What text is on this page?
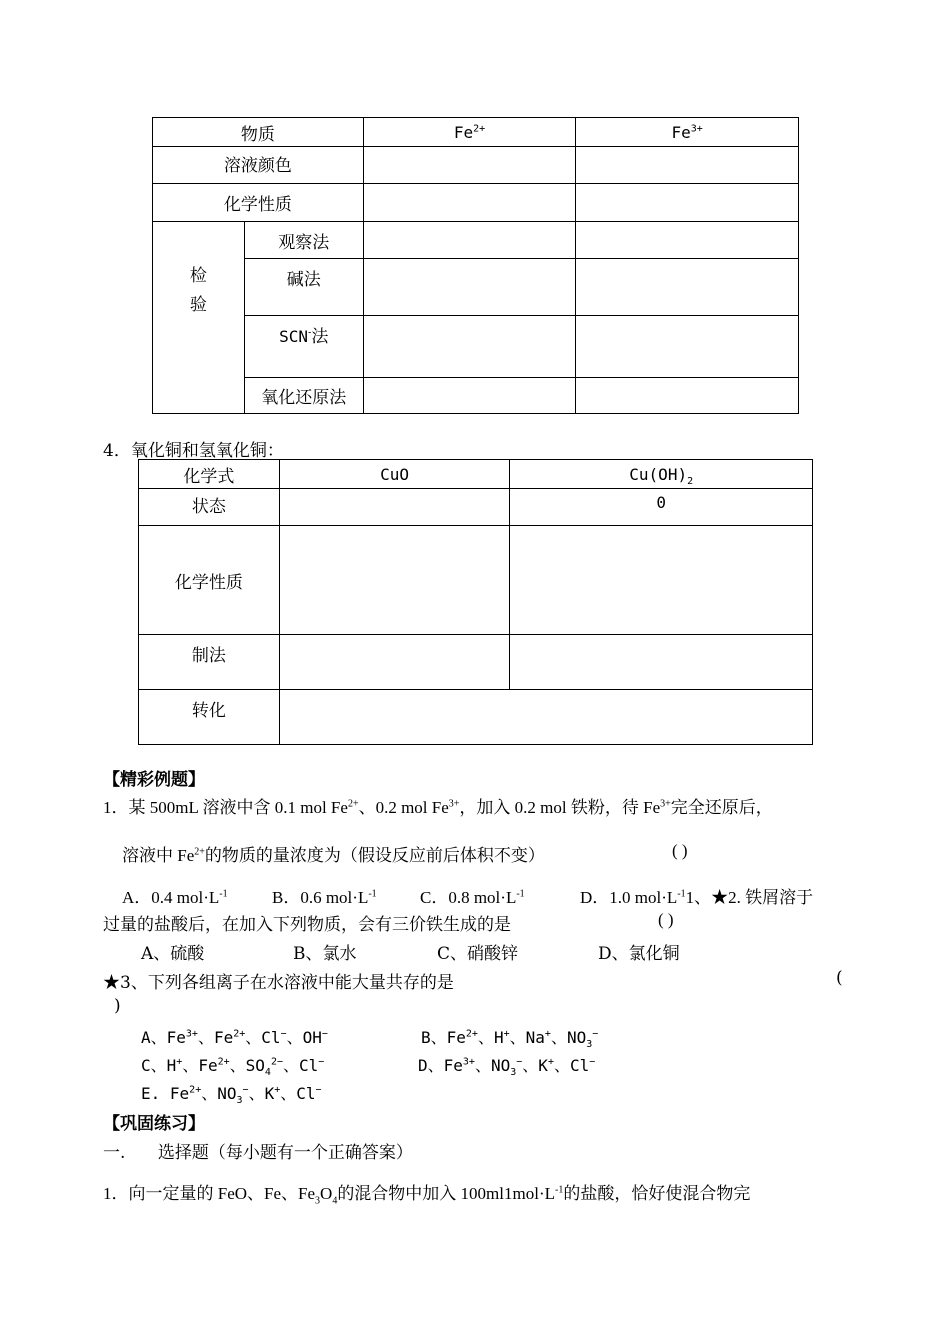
物质		$Fe^{2+}$	$Fe^{3+}$
溶液颜色			
化学性质			
检
验	观察法		
	碱法		
	SCN-法		
	氧化还原法		
4．氧化铜和氢氧化铜：
化学式	CuO	$Cu(OH)_2$
状态		0
化学性质		
制法		
转化		
【精彩例题】
1．某 500mL 溶液中含 0.1 mol $Fe^{2+}$、0.2 mol $Fe^{3+}$，加入 0.2 mol 铁粉，待 $Fe^{3+}$完全还原后，
溶液中 $Fe^{2+}$的物质的量浓度为（假设反应前后体积不变）	( )
A．0.4 $mol\cdot L^{-1}$	B．0.6 $mol\cdot L^{-1}$	C．0.8 $mol\cdot L^{-1}$	D．1.0 $mol\cdot L^{-1}1$、★2. 铁屑溶于
过量的盐酸后，在加入下列物质，会有三价铁生成的是	( )
A、硫酸	B、氯水	C、硝酸锌	D、氯化铜
★3、下列各组离子在水溶液中能大量共存的是	(
)
A、$Fe^{3+}$、$Fe^{2+}$、Cl−、OH−	B、$Fe^{2+}$、H+、Na+、$NO_3^-$
C、H+、$Fe^{2+}$、$SO_4^{2-}$、Cl−	D、$Fe^{3+}$、$NO_3^-$、K+、Cl−
E. $Fe^{2+}$、$NO_3^-$、K+、Cl−
【巩固练习】
一.      选择题（每小题有一个正确答案）
1．向一定量的 FeO、Fe、$Fe_3O_4$的混合物中加入 $100ml1mol\cdot L^{-1}$的盐酸，恰好使混合物完
